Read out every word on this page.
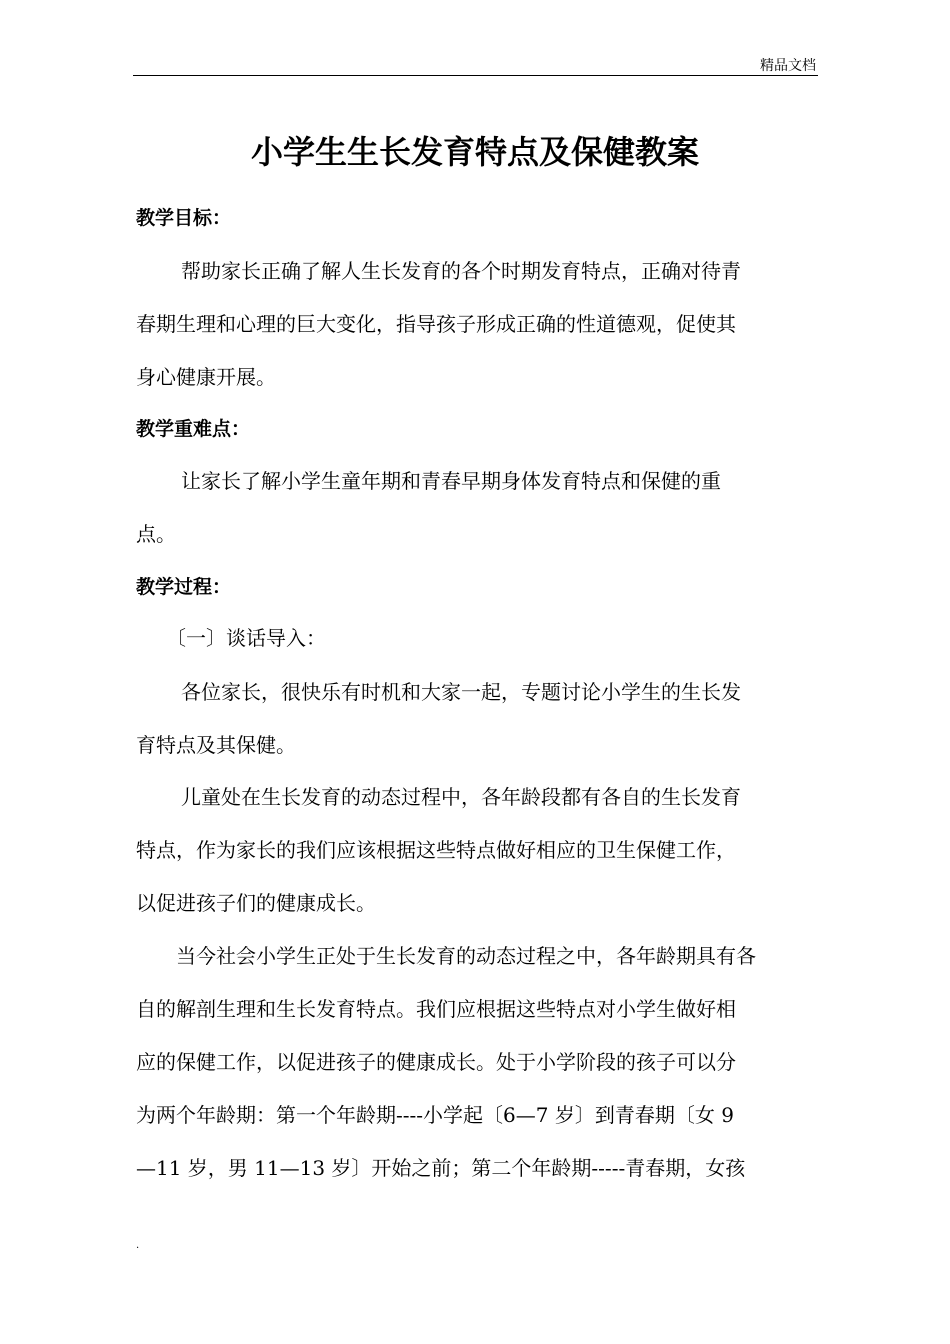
精品文档
小学生生长发育特点及保健教案
教学目标：
帮助家长正确了解人生长发育的各个时期发育特点，正确对待青
春期生理和心理的巨大变化，指导孩子形成正确的性道德观，促使其
身心健康开展。
教学重难点：
让家长了解小学生童年期和青春早期身体发育特点和保健的重
点。
教学过程：
〔一〕谈话导入：
各位家长，很快乐有时机和大家一起，专题讨论小学生的生长发
育特点及其保健。
儿童处在生长发育的动态过程中，各年龄段都有各自的生长发育
特点，作为家长的我们应该根据这些特点做好相应的卫生保健工作，
以促进孩子们的健康成长。
当今社会小学生正处于生长发育的动态过程之中，各年龄期具有各
自的解剖生理和生长发育特点。我们应根据这些特点对小学生做好相
应的保健工作，以促进孩子的健康成长。处于小学阶段的孩子可以分
为两个年龄期：第一个年龄期----小学起〔6—7 岁〕到青春期〔女 9
—11 岁，男 11—13 岁〕开始之前；第二个年龄期-----青春期，女孩
.
